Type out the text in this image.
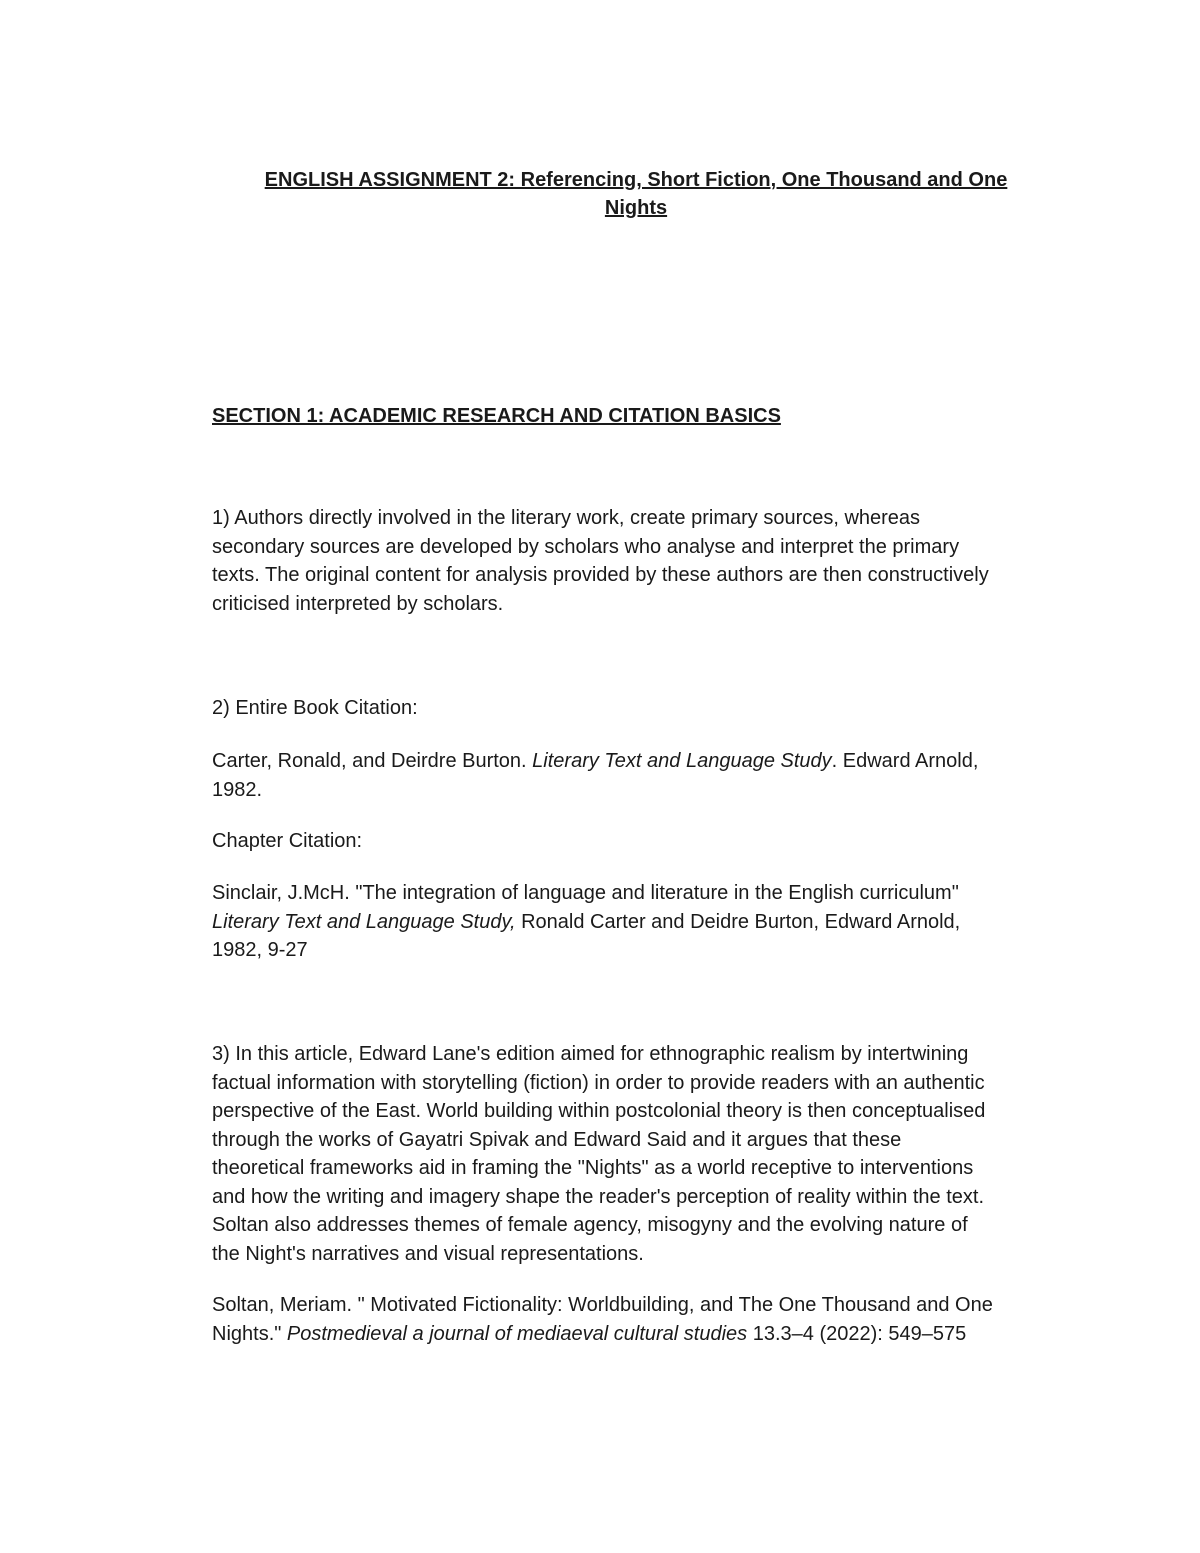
ENGLISH ASSIGNMENT 2: Referencing, Short Fiction, One Thousand and One
Nights
SECTION 1: ACADEMIC RESEARCH AND CITATION BASICS
1) Authors directly involved in the literary work, create primary sources, whereas
secondary sources are developed by scholars who analyse and interpret the primary
texts. The original content for analysis provided by these authors are then constructively
criticised interpreted by scholars.
2) Entire Book Citation:
Carter, Ronald, and Deirdre Burton. Literary Text and Language Study. Edward Arnold,
1982.
Chapter Citation:
Sinclair, J.McH. "The integration of language and literature in the English curriculum"
Literary Text and Language Study, Ronald Carter and Deidre Burton, Edward Arnold,
1982, 9-27
3) In this article, Edward Lane's edition aimed for ethnographic realism by intertwining
factual information with storytelling (fiction) in order to provide readers with an authentic
perspective of the East. World building within postcolonial theory is then conceptualised
through the works of Gayatri Spivak and Edward Said and it argues that these
theoretical frameworks aid in framing the "Nights" as a world receptive to interventions
and how the writing and imagery shape the reader's perception of reality within the text.
Soltan also addresses themes of female agency, misogyny and the evolving nature of
the Night's narratives and visual representations.
Soltan, Meriam. " Motivated Fictionality: Worldbuilding, and The One Thousand and One
Nights." Postmedieval a journal of mediaeval cultural studies 13.3–4 (2022): 549–575
